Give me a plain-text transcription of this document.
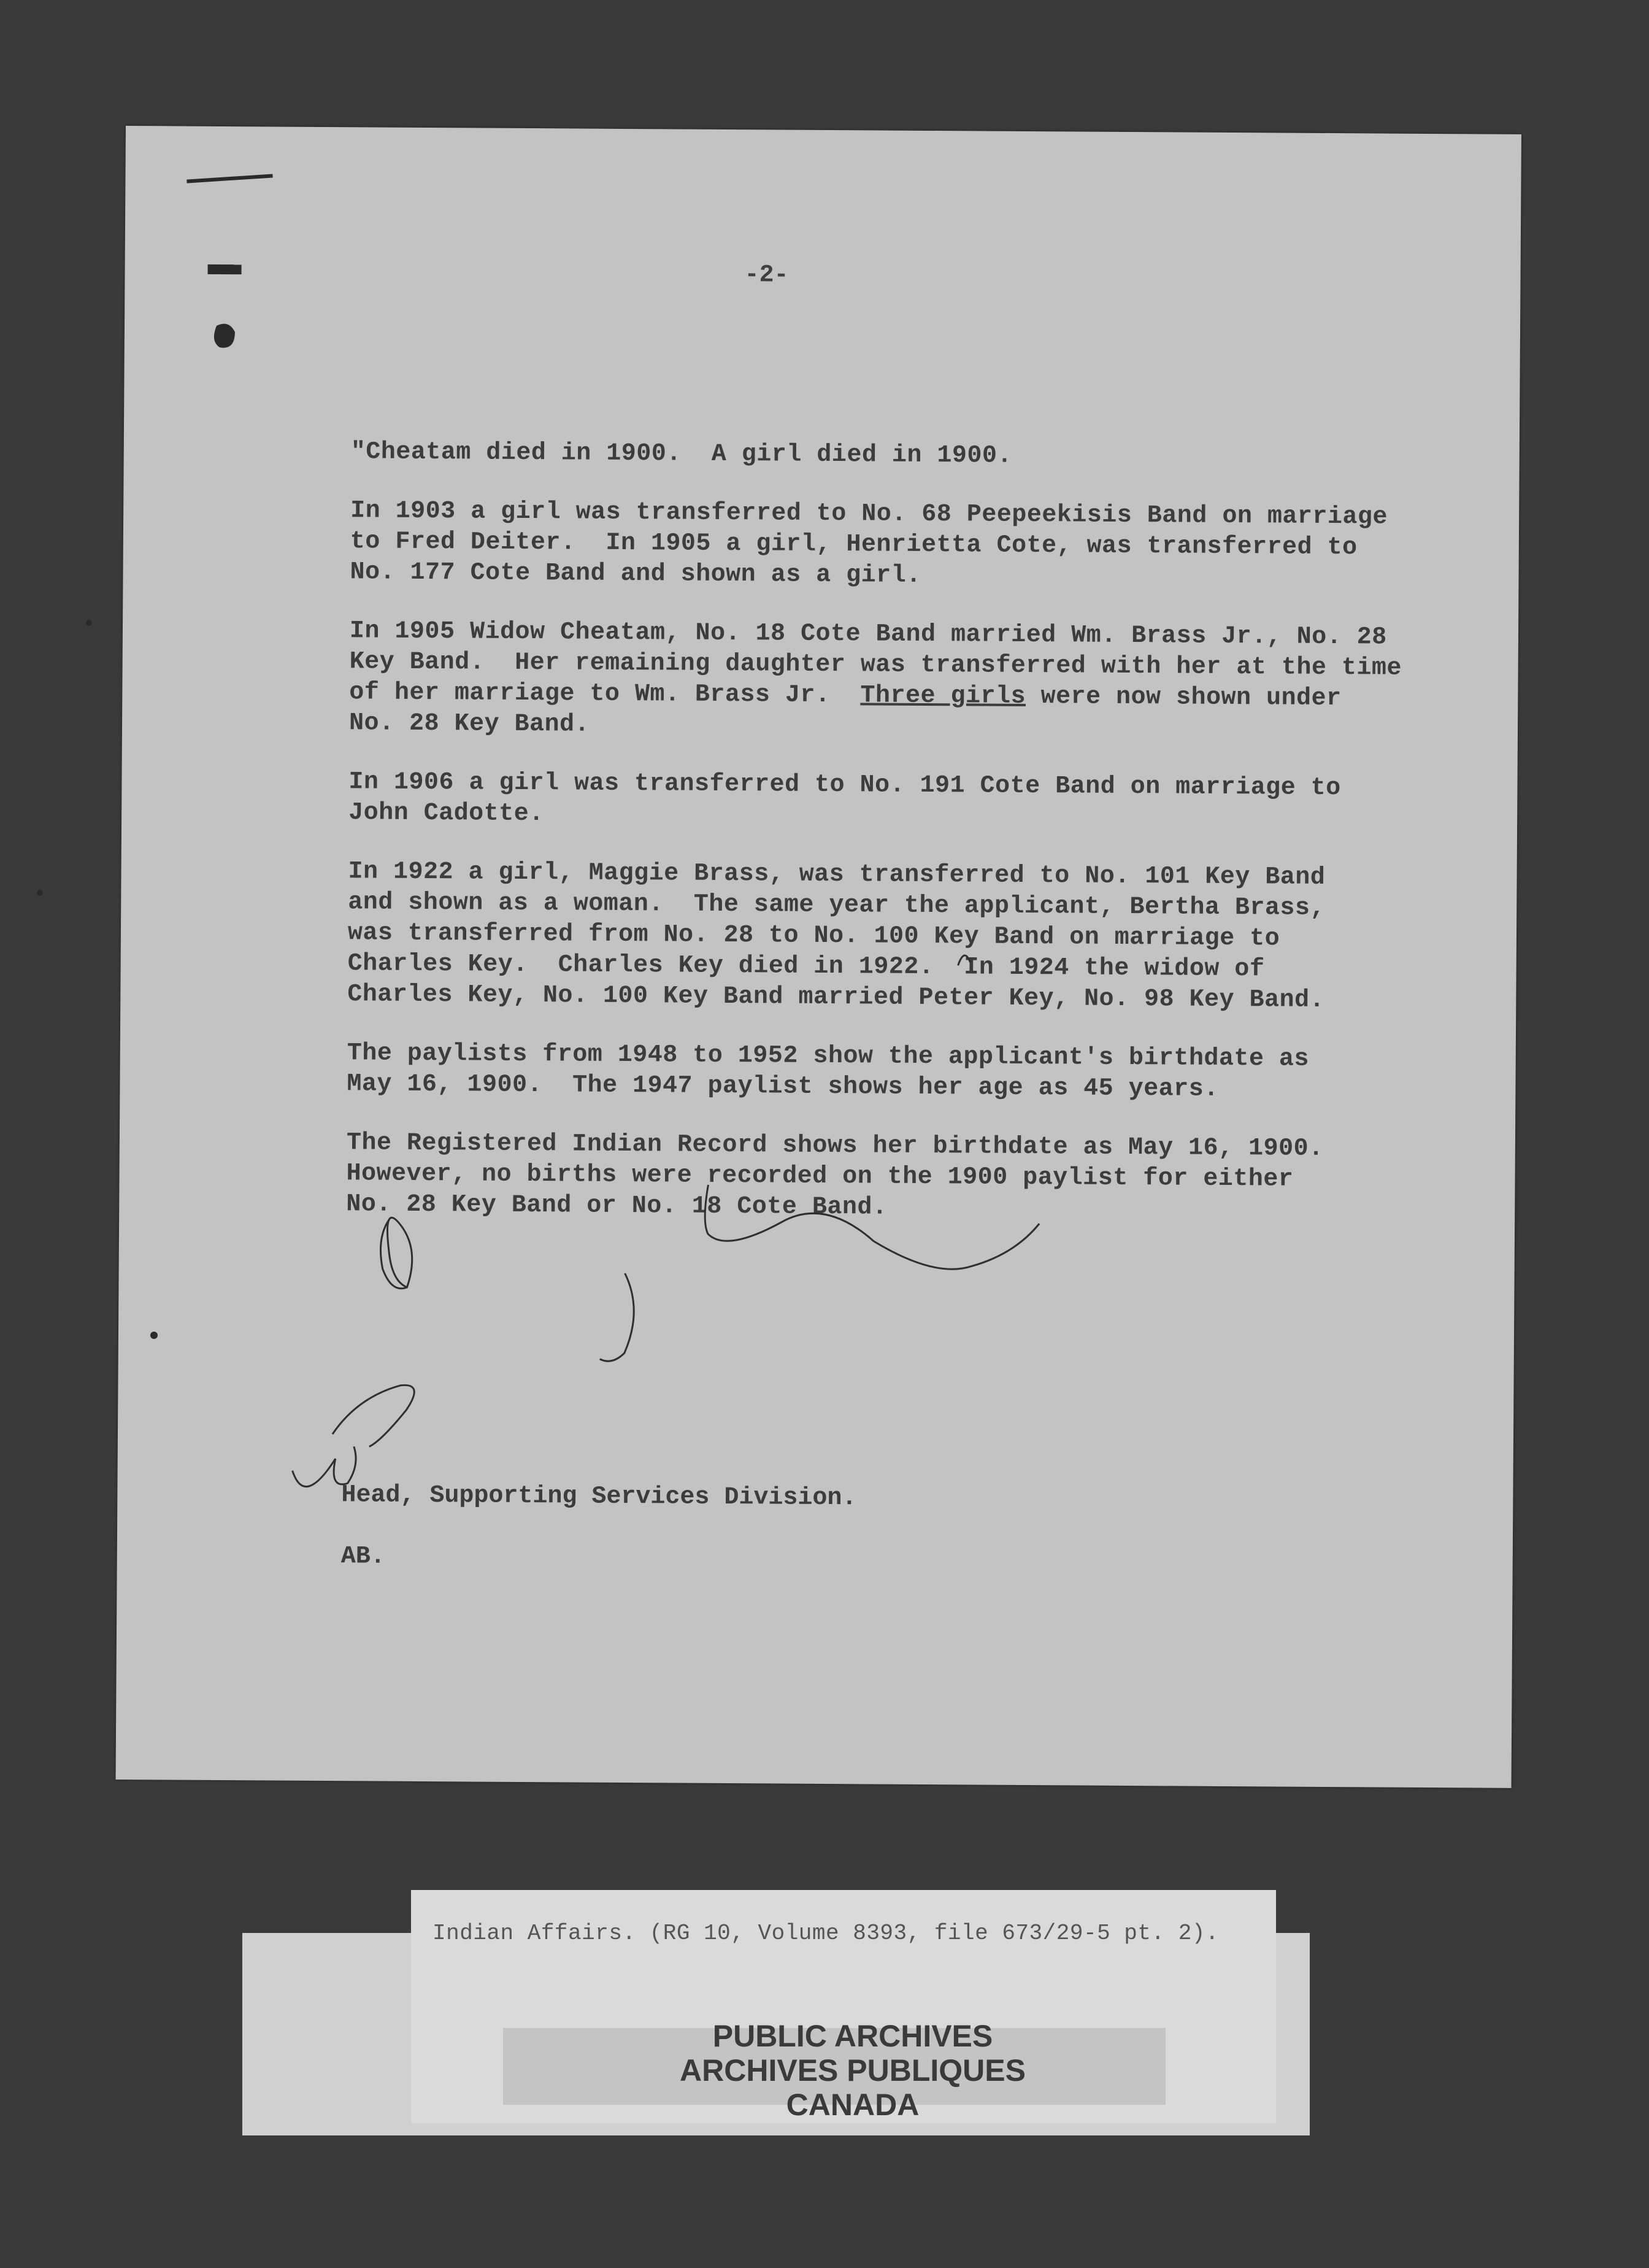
-2-
"Cheatam died in 1900.  A girl died in 1900.
In 1903 a girl was transferred to No. 68 Peepeekisis Band on marriage
to Fred Deiter.  In 1905 a girl, Henrietta Cote, was transferred to
No. 177 Cote Band and shown as a girl.
In 1905 Widow Cheatam, No. 18 Cote Band married Wm. Brass Jr., No. 28
Key Band.  Her remaining daughter was transferred with her at the time
of her marriage to Wm. Brass Jr. Three girls were now shown under
No. 28 Key Band.
In 1906 a girl was transferred to No. 191 Cote Band on marriage to
John Cadotte.
In 1922 a girl, Maggie Brass, was transferred to No. 101 Key Band
and shown as a woman.  The same year the applicant, Bertha Brass,
was transferred from No. 28 to No. 100 Key Band on marriage to
Charles Key.  Charles Key died in 1922.  In 1924 the widow of
Charles Key, No. 100 Key Band married Peter Key, No. 98 Key Band.
The paylists from 1948 to 1952 show the applicant's birthdate as
May 16, 1900.  The 1947 paylist shows her age as 45 years.
The Registered Indian Record shows her birthdate as May 16, 1900.
However, no births were recorded on the 1900 paylist for either
No. 28 Key Band or No. 18 Cote Band.
Head, Supporting Services Division.
AB.
Indian Affairs. (RG 10, Volume 8393, file 673/29-5 pt. 2).
PUBLIC ARCHIVES
ARCHIVES PUBLIQUES
CANADA
